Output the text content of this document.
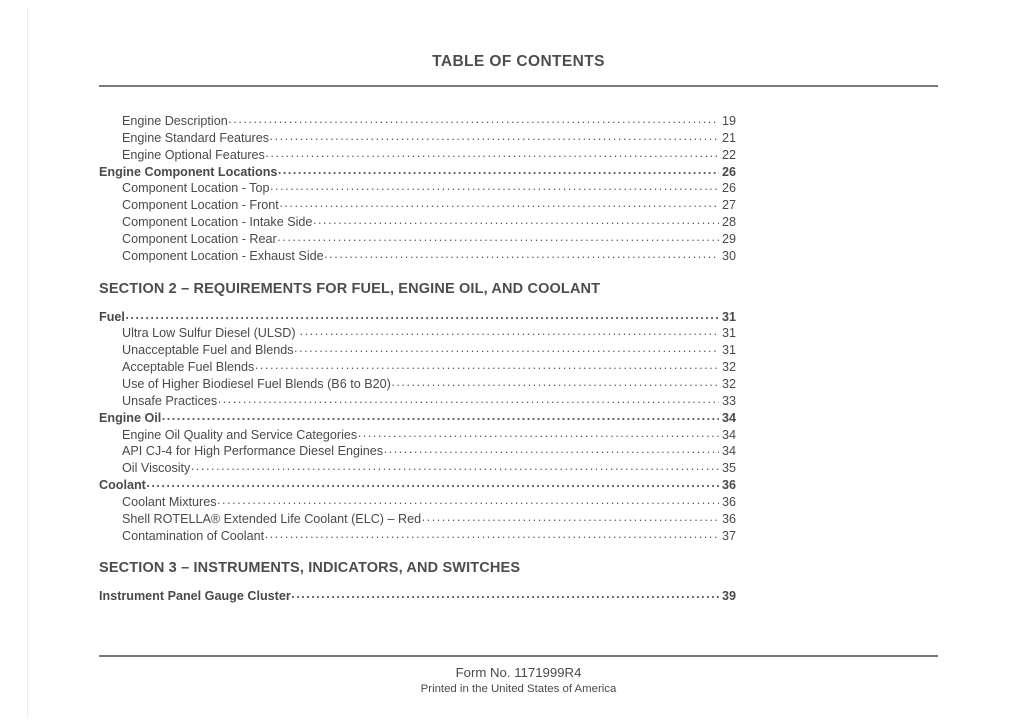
TABLE OF CONTENTS
Engine Description .....	19
Engine Standard Features .....	21
Engine Optional Features .....	22
Engine Component Locations .....	26
Component Location - Top .....	26
Component Location - Front .....	27
Component Location - Intake Side .....	28
Component Location - Rear .....	29
Component Location - Exhaust Side .....	30
SECTION 2 – REQUIREMENTS FOR FUEL, ENGINE OIL, AND COOLANT
Fuel .....	31
Ultra Low Sulfur Diesel (ULSD) .....	31
Unacceptable Fuel and Blends .....	31
Acceptable Fuel Blends .....	32
Use of Higher Biodiesel Fuel Blends (B6 to B20) .....	32
Unsafe Practices .....	33
Engine Oil .....	34
Engine Oil Quality and Service Categories .....	34
API CJ-4 for High Performance Diesel Engines .....	34
Oil Viscosity .....	35
Coolant .....	36
Coolant Mixtures .....	36
Shell ROTELLA® Extended Life Coolant (ELC) – Red .....	36
Contamination of Coolant .....	37
SECTION 3 – INSTRUMENTS, INDICATORS, AND SWITCHES
Instrument Panel Gauge Cluster .....	39
Form No. 1171999R4
Printed in the United States of America
